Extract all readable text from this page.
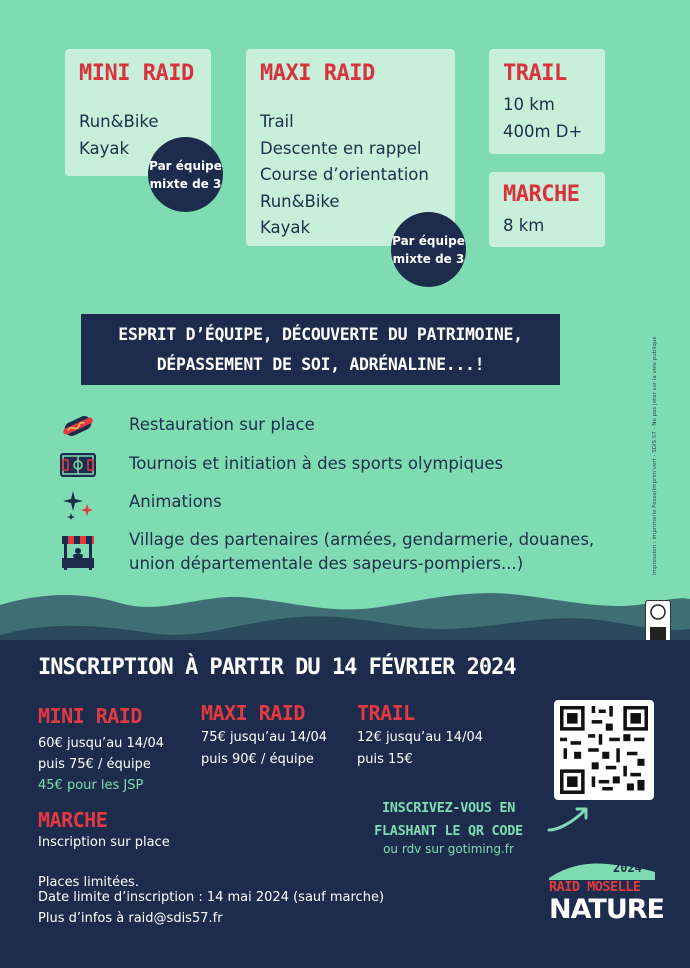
MINI RAID
Run&Bike
Kayak
Par équipe
mixte de 3
MAXI RAID
Trail
Descente en rappel
Course d’orientation
Run&Bike
Kayak
Par équipe
mixte de 3
TRAIL
10 km
400m D+
MARCHE
8 km
ESPRIT D’ÉQUIPE, DÉCOUVERTE DU PATRIMOINE,
DÉPASSEMENT DE SOI, ADRÉNALINE...!
Restauration sur place
Tournois et initiation à des sports olympiques
Animations
Village des partenaires (armées, gendarmerie, douanes,
union départementale des sapeurs-pompiers...)	Impression : imprimerie Fosse/Imprim'vert - SDIS 57 - Ne pas jeter sur la voie publique
INSCRIPTION À PARTIR DU 14 FÉVRIER 2024
MINI RAID
60€ jusqu’au 14/04
puis 75€ / équipe
45€ pour les JSP
MAXI RAID
75€ jusqu’au 14/04
puis 90€ / équipe
TRAIL
12€ jusqu’au 14/04
puis 15€
MARCHE
Inscription sur place
Places limitées.
Date limite d’inscription : 14 mai 2024 (sauf marche)
Plus d’infos à raid@sdis57.fr
INSCRIVEZ-VOUS EN
FLASHANT LE QR CODE
ou rdv sur gotiming.fr
2024
RAID MOSELLE
NATURE
